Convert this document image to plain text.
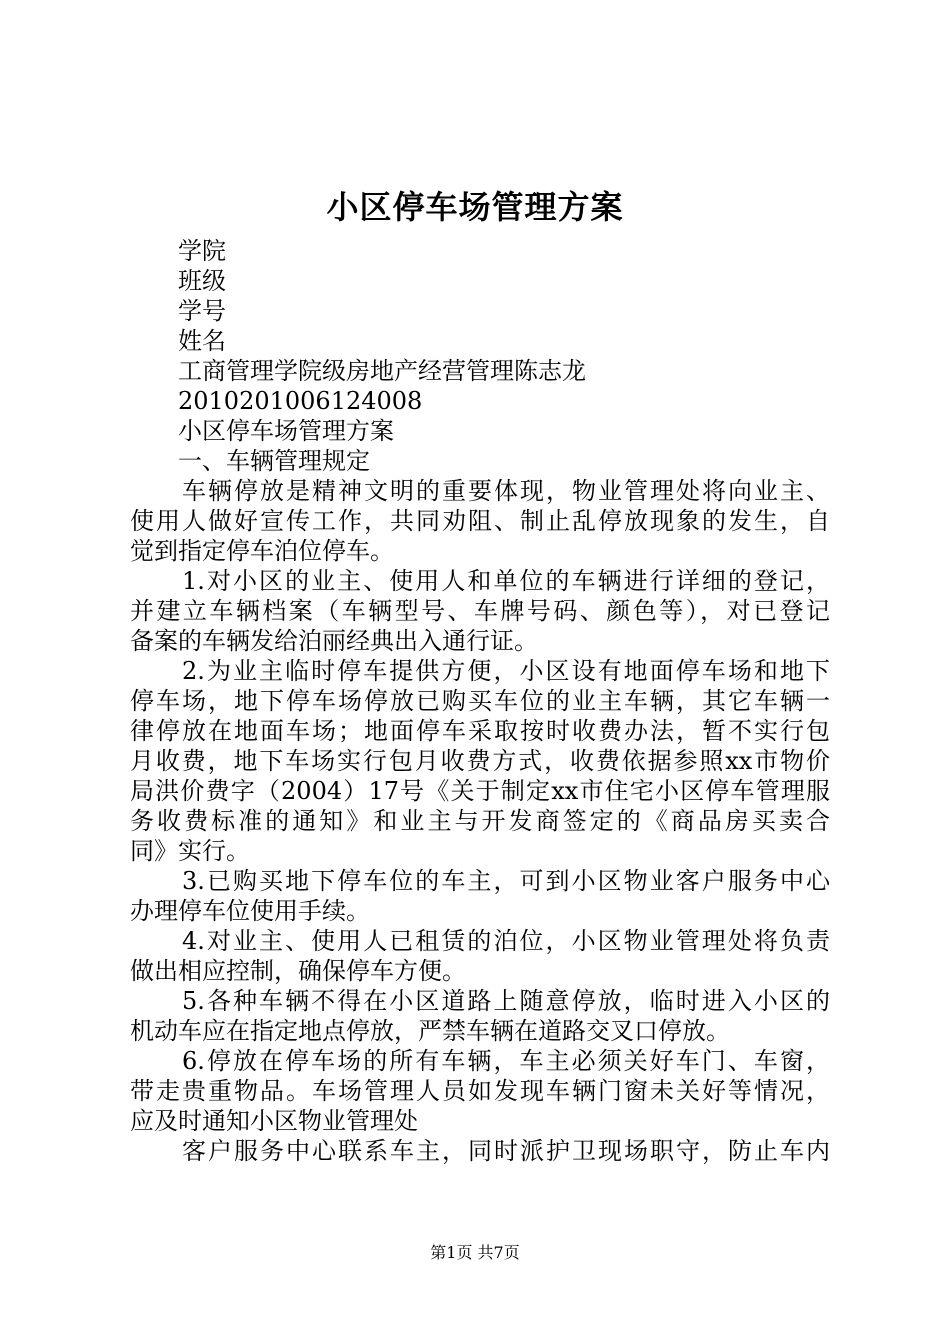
小区停车场管理方案
学院
班级
学号
姓名
工商管理学院级房地产经营管理陈志龙
2010201006124008
小区停车场管理方案
一、车辆管理规定
车辆停放是精神文明的重要体现，物业管理处将向业主、
使用人做好宣传工作，共同劝阻、制止乱停放现象的发生，自
觉到指定停车泊位停车。
1.对小区的业主、使用人和单位的车辆进行详细的登记，
并建立车辆档案（车辆型号、车牌号码、颜色等），对已登记
备案的车辆发给泊丽经典出入通行证。
2.为业主临时停车提供方便，小区设有地面停车场和地下
停车场，地下停车场停放已购买车位的业主车辆，其它车辆一
律停放在地面车场；地面停车采取按时收费办法，暂不实行包
月收费，地下车场实行包月收费方式，收费依据参照xx市物价
局洪价费字（2004）17号《关于制定xx市住宅小区停车管理服
务收费标准的通知》和业主与开发商签定的《商品房买卖合
同》实行。
3.已购买地下停车位的车主，可到小区物业客户服务中心
办理停车位使用手续。
4.对业主、使用人已租赁的泊位，小区物业管理处将负责
做出相应控制，确保停车方便。
5.各种车辆不得在小区道路上随意停放，临时进入小区的
机动车应在指定地点停放，严禁车辆在道路交叉口停放。
6.停放在停车场的所有车辆，车主必须关好车门、车窗，
带走贵重物品。车场管理人员如发现车辆门窗未关好等情况，
应及时通知小区物业管理处
客户服务中心联系车主，同时派护卫现场职守，防止车内
第1页 共7页
